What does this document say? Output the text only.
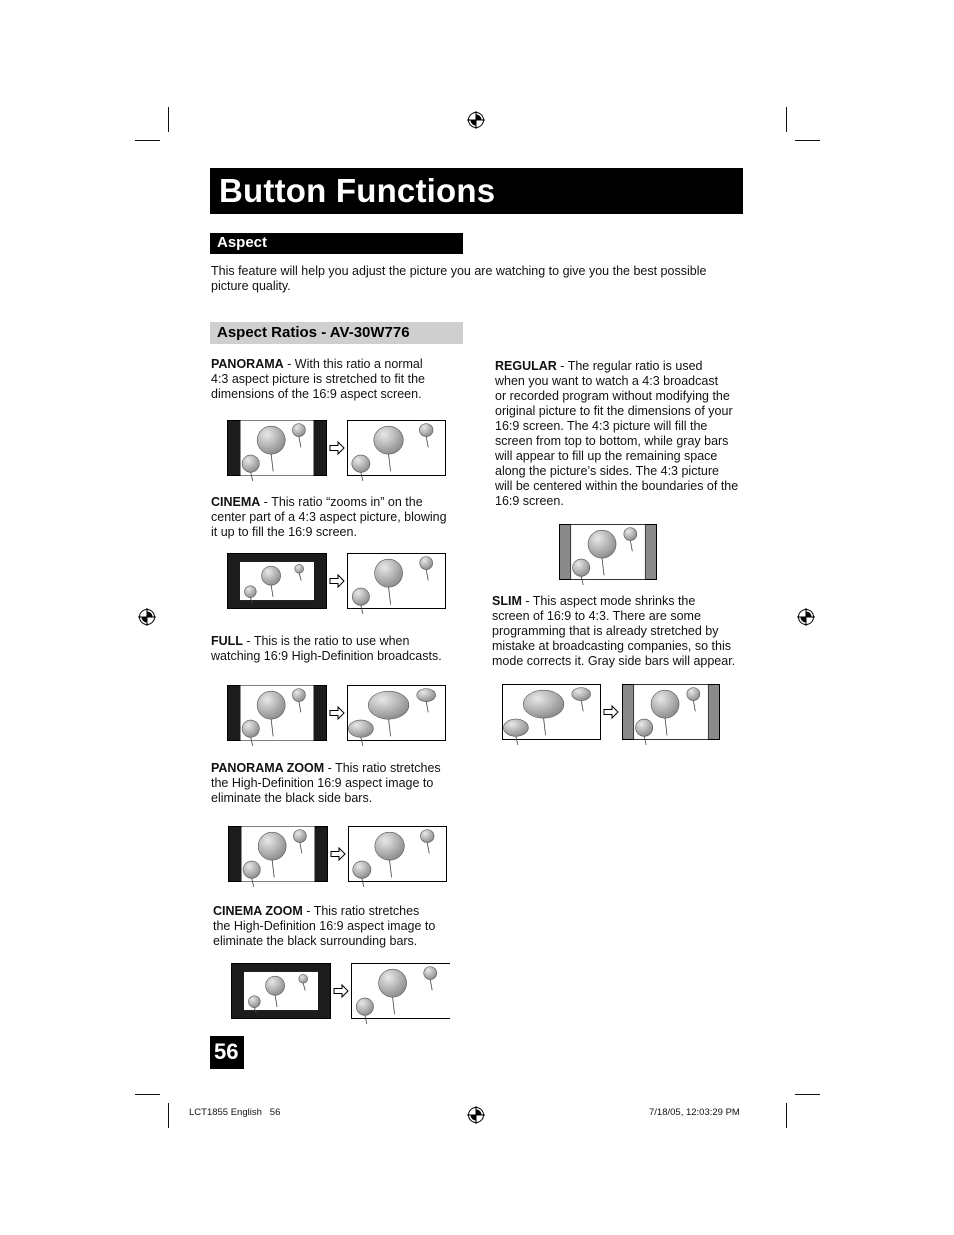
Button Functions
Aspect
This feature will help you adjust the picture you are watching to give you the best possible
picture quality.
Aspect Ratios - AV-30W776
PANORAMA - With this ratio a normal
4:3 aspect picture is stretched to fit the
dimensions of the 16:9 aspect screen.
CINEMA - This ratio “zooms in” on the
center part of a 4:3 aspect picture, blowing
it up to fill the 16:9 screen.
FULL - This is the ratio to use when
watching 16:9 High-Definition broadcasts.
PANORAMA ZOOM - This ratio stretches
the High-Definition 16:9 aspect image to
eliminate the black side bars.
CINEMA ZOOM - This ratio stretches
the High-Definition 16:9 aspect image to
eliminate the black surrounding bars.
REGULAR - The regular ratio is used
when you want to watch a 4:3 broadcast
or recorded program without modifying the
original picture to fit the dimensions of your
16:9 screen. The 4:3 picture will fill the
screen from top to bottom, while gray bars
will appear to fill up the remaining space
along the picture’s sides. The 4:3 picture
will be centered within the boundaries of the
16:9 screen.
SLIM - This aspect mode shrinks the
screen of 16:9 to 4:3. There are some
programming that is already stretched by
mistake at broadcasting companies, so this
mode corrects it. Gray side bars will appear.
56
LCT1855 English   56	7/18/05, 12:03:29 PM
